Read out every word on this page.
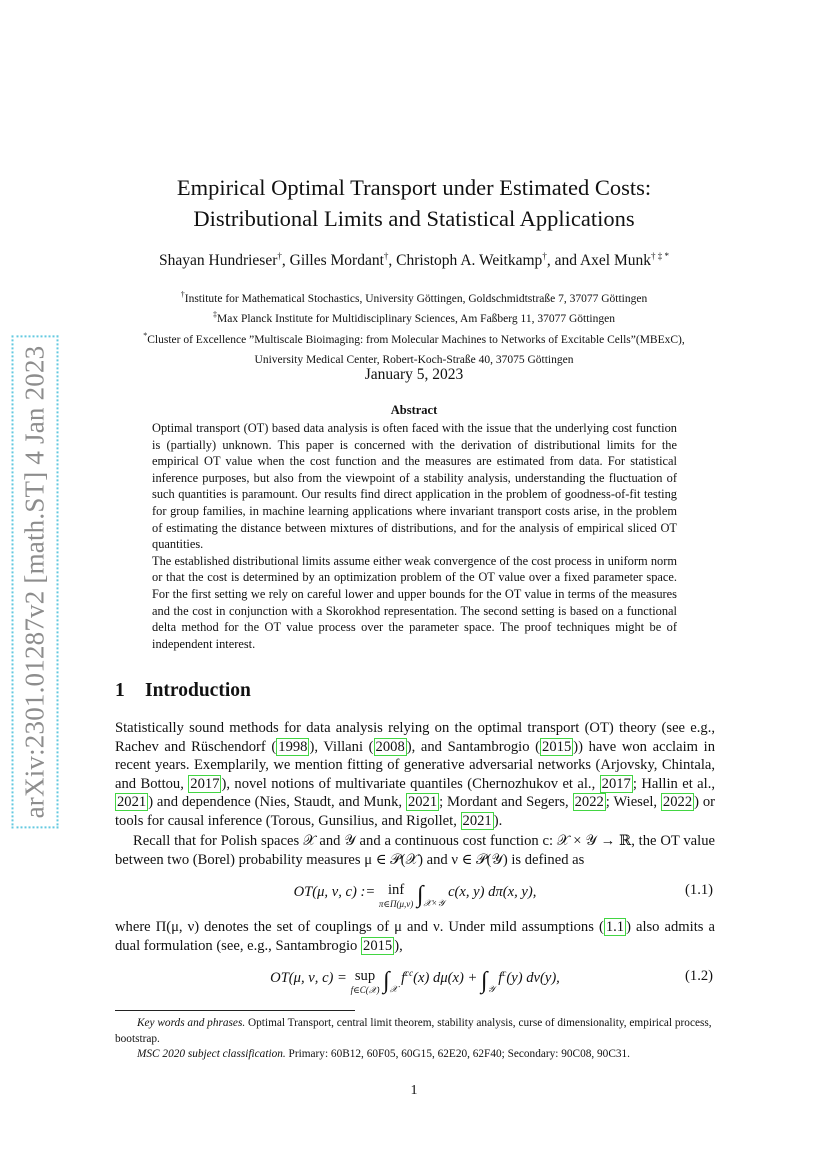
arXiv:2301.01287v2 [math.ST] 4 Jan 2023
Empirical Optimal Transport under Estimated Costs:
Distributional Limits and Statistical Applications
Shayan Hundrieser†, Gilles Mordant†, Christoph A. Weitkamp†, and Axel Munk† ‡ *
†Institute for Mathematical Stochastics, University Göttingen, Goldschmidtstraße 7, 37077 Göttingen
‡Max Planck Institute for Multidisciplinary Sciences, Am Faßberg 11, 37077 Göttingen
*Cluster of Excellence ”Multiscale Bioimaging: from Molecular Machines to Networks of Excitable Cells”(MBExC),
University Medical Center, Robert-Koch-Straße 40, 37075 Göttingen
January 5, 2023
Abstract

Optimal transport (OT) based data analysis is often faced with the issue that the underlying cost function is (partially) unknown. This paper is concerned with the derivation of distributional limits for the empirical OT value when the cost function and the measures are estimated from data. For statistical inference purposes, but also from the viewpoint of a stability analysis, understanding the fluctuation of such quantities is paramount. Our results find direct application in the problem of goodness-of-fit testing for group families, in machine learning applications where invariant transport costs arise, in the problem of estimating the distance between mixtures of distributions, and for the analysis of empirical sliced OT quantities.

The established distributional limits assume either weak convergence of the cost process in uniform norm or that the cost is determined by an optimization problem of the OT value over a fixed parameter space. For the first setting we rely on careful lower and upper bounds for the OT value in terms of the measures and the cost in conjunction with a Skorokhod representation. The second setting is based on a functional delta method for the OT value process over the parameter space. The proof techniques might be of independent interest.

1 Introduction

Statistically sound methods for data analysis relying on the optimal transport (OT) theory (see e.g., Rachev and Rüschendorf ( 1998 ), Villani ( 2008 ), and Santambrogio ( 2015 )) have won acclaim in recent years. Exemplarily, we mention fitting of generative adversarial networks (Arjovsky, Chintala, and Bottou, 2017 ), novel notions of multivariate quantiles (Chernozhukov et al., 2017 ; Hallin et al., 2021 ) and dependence (Nies, Staudt, and Munk, 2021 ; Mordant and Segers, 2022 ; Wiesel, 2022 ) or tools for causal inference (Torous, Gunsilius, and Rigollet, 2021 ).

Recall that for Polish spaces 𝒳 and 𝒴 and a continuous cost function c: 𝒳 × 𝒴 → ℝ, the OT value between two (Borel) probability measures μ ∈ 𝒫(𝒳) and ν ∈ 𝒫(𝒴) is defined as

OT(μ, ν, c) := inf
π∈Π(μ,ν) $\int_{𝒳\times 𝒴}$ c(x, y) dπ(x, y),	(1.1)

where Π(μ, ν) denotes the set of couplings of μ and ν. Under mild assumptions ( 1.1 ) also admits a dual formulation (see, e.g., Santambrogio 2015 ),

OT(μ, ν, c) = sup
f∈C(𝒳) $\int_𝒳$ $f^{cc}(x) d\mu(x) + \int_𝒴$ $f^c(y)$ dν(y),	(1.2)

Key words and phrases. Optimal Transport, central limit theorem, stability analysis, curse of dimensionality, empirical process, bootstrap.

MSC 2020 subject classification. Primary: 60B12, 60F05, 60G15, 62E20, 62F40; Secondary: 90C08, 90C31.

1
